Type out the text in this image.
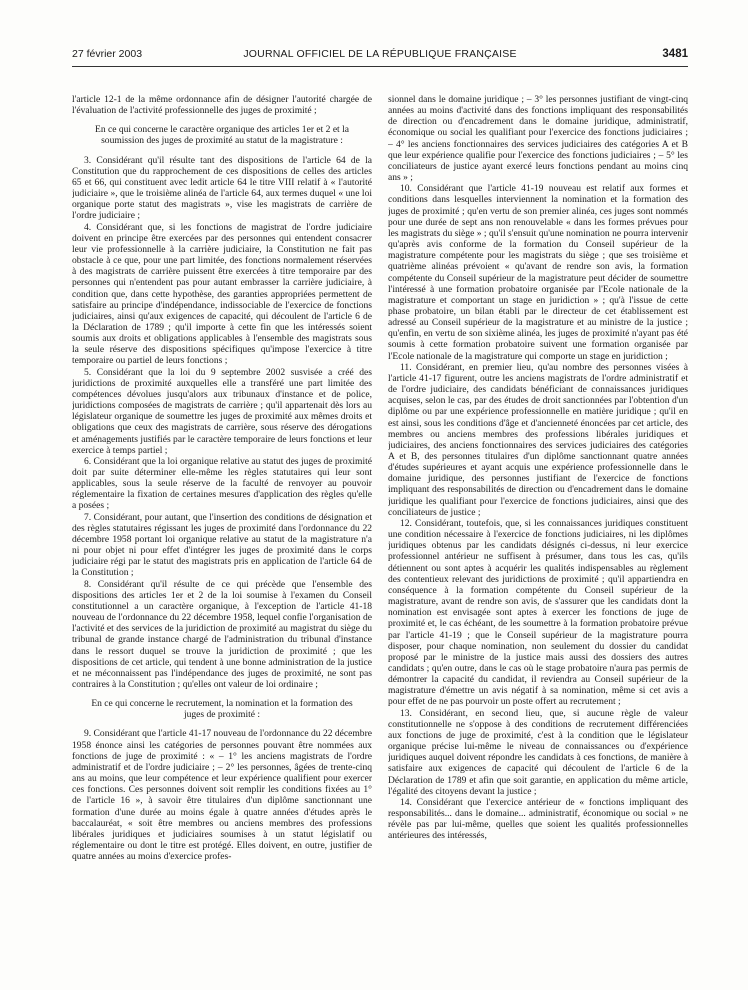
27 février 2003	JOURNAL OFFICIEL DE LA RÉPUBLIQUE FRANÇAISE	3481

l'article 12-1 de la même ordonnance afin de désigner l'autorité chargée de l'évaluation de l'activité professionnelle des juges de proximité ;

En ce qui concerne le caractère organique des articles 1er et 2 et la soumission des juges de proximité au statut de la magistrature :

3. Considérant qu'il résulte tant des dispositions de l'article 64 de la Constitution que du rapprochement de ces dispositions de celles des articles 65 et 66, qui constituent avec ledit article 64 le titre VIII relatif à « l'autorité judiciaire », que le troisième alinéa de l'article 64, aux termes duquel « une loi organique porte statut des magistrats », vise les magistrats de carrière de l'ordre judiciaire ;

4. Considérant que, si les fonctions de magistrat de l'ordre judiciaire doivent en principe être exercées par des personnes qui entendent consacrer leur vie professionnelle à la carrière judiciaire, la Constitution ne fait pas obstacle à ce que, pour une part limitée, des fonctions normalement réservées à des magistrats de carrière puissent être exercées à titre temporaire par des personnes qui n'entendent pas pour autant embrasser la carrière judiciaire, à condition que, dans cette hypothèse, des garanties appropriées permettent de satisfaire au principe d'indépendance, indissociable de l'exercice de fonctions judiciaires, ainsi qu'aux exigences de capacité, qui découlent de l'article 6 de la Déclaration de 1789 ; qu'il importe à cette fin que les intéressés soient soumis aux droits et obligations applicables à l'ensemble des magistrats sous la seule réserve des dispositions spécifiques qu'impose l'exercice à titre temporaire ou partiel de leurs fonctions ;

5. Considérant que la loi du 9 septembre 2002 susvisée a créé des juridictions de proximité auxquelles elle a transféré une part limitée des compétences dévolues jusqu'alors aux tribunaux d'instance et de police, juridictions composées de magistrats de carrière ; qu'il appartenait dès lors au législateur organique de soumettre les juges de proximité aux mêmes droits et obligations que ceux des magistrats de carrière, sous réserve des dérogations et aménagements justifiés par le caractère temporaire de leurs fonctions et leur exercice à temps partiel ;

6. Considérant que la loi organique relative au statut des juges de proximité doit par suite déterminer elle-même les règles statutaires qui leur sont applicables, sous la seule réserve de la faculté de renvoyer au pouvoir réglementaire la fixation de certaines mesures d'application des règles qu'elle a posées ;

7. Considérant, pour autant, que l'insertion des conditions de désignation et des règles statutaires régissant les juges de proximité dans l'ordonnance du 22 décembre 1958 portant loi organique relative au statut de la magistrature n'a ni pour objet ni pour effet d'intégrer les juges de proximité dans le corps judiciaire régi par le statut des magistrats pris en application de l'article 64 de la Constitution ;

8. Considérant qu'il résulte de ce qui précède que l'ensemble des dispositions des articles 1er et 2 de la loi soumise à l'examen du Conseil constitutionnel a un caractère organique, à l'exception de l'article 41-18 nouveau de l'ordonnance du 22 décembre 1958, lequel confie l'organisation de l'activité et des services de la juridiction de proximité au magistrat du siège du tribunal de grande instance chargé de l'administration du tribunal d'instance dans le ressort duquel se trouve la juridiction de proximité ; que les dispositions de cet article, qui tendent à une bonne administration de la justice et ne méconnaissent pas l'indépendance des juges de proximité, ne sont pas contraires à la Constitution ; qu'elles ont valeur de loi ordinaire ;

En ce qui concerne le recrutement, la nomination et la formation des juges de proximité :

9. Considérant que l'article 41-17 nouveau de l'ordonnance du 22 décembre 1958 énonce ainsi les catégories de personnes pouvant être nommées aux fonctions de juge de proximité : « – 1° les anciens magistrats de l'ordre administratif et de l'ordre judiciaire ; – 2° les personnes, âgées de trente-cinq ans au moins, que leur compétence et leur expérience qualifient pour exercer ces fonctions. Ces personnes doivent soit remplir les conditions fixées au 1° de l'article 16 », à savoir être titulaires d'un diplôme sanctionnant une formation d'une durée au moins égale à quatre années d'études après le baccalauréat, « soit être membres ou anciens membres des professions libérales juridiques et judiciaires soumises à un statut législatif ou réglementaire ou dont le titre est protégé. Elles doivent, en outre, justifier de quatre années au moins d'exercice profes-

sionnel dans le domaine juridique ; – 3° les personnes justifiant de vingt-cinq années au moins d'activité dans des fonctions impliquant des responsabilités de direction ou d'encadrement dans le domaine juridique, administratif, économique ou social les qualifiant pour l'exercice des fonctions judiciaires ; – 4° les anciens fonctionnaires des services judiciaires des catégories A et B que leur expérience qualifie pour l'exercice des fonctions judiciaires ; – 5° les conciliateurs de justice ayant exercé leurs fonctions pendant au moins cinq ans » ;

10. Considérant que l'article 41-19 nouveau est relatif aux formes et conditions dans lesquelles interviennent la nomination et la formation des juges de proximité ; qu'en vertu de son premier alinéa, ces juges sont nommés pour une durée de sept ans non renouvelable « dans les formes prévues pour les magistrats du siège » ; qu'il s'ensuit qu'une nomination ne pourra intervenir qu'après avis conforme de la formation du Conseil supérieur de la magistrature compétente pour les magistrats du siège ; que ses troisième et quatrième alinéas prévoient « qu'avant de rendre son avis, la formation compétente du Conseil supérieur de la magistrature peut décider de soumettre l'intéressé à une formation probatoire organisée par l'Ecole nationale de la magistrature et comportant un stage en juridiction » ; qu'à l'issue de cette phase probatoire, un bilan établi par le directeur de cet établissement est adressé au Conseil supérieur de la magistrature et au ministre de la justice ; qu'enfin, en vertu de son sixième alinéa, les juges de proximité n'ayant pas été soumis à cette formation probatoire suivent une formation organisée par l'Ecole nationale de la magistrature qui comporte un stage en juridiction ;

11. Considérant, en premier lieu, qu'au nombre des personnes visées à l'article 41-17 figurent, outre les anciens magistrats de l'ordre administratif et de l'ordre judiciaire, des candidats bénéficiant de connaissances juridiques acquises, selon le cas, par des études de droit sanctionnées par l'obtention d'un diplôme ou par une expérience professionnelle en matière juridique ; qu'il en est ainsi, sous les conditions d'âge et d'ancienneté énoncées par cet article, des membres ou anciens membres des professions libérales juridiques et judiciaires, des anciens fonctionnaires des services judiciaires des catégories A et B, des personnes titulaires d'un diplôme sanctionnant quatre années d'études supérieures et ayant acquis une expérience professionnelle dans le domaine juridique, des personnes justifiant de l'exercice de fonctions impliquant des responsabilités de direction ou d'encadrement dans le domaine juridique les qualifiant pour l'exercice de fonctions judiciaires, ainsi que des conciliateurs de justice ;

12. Considérant, toutefois, que, si les connaissances juridiques constituent une condition nécessaire à l'exercice de fonctions judiciaires, ni les diplômes juridiques obtenus par les candidats désignés ci-dessus, ni leur exercice professionnel antérieur ne suffisent à présumer, dans tous les cas, qu'ils détiennent ou sont aptes à acquérir les qualités indispensables au règlement des contentieux relevant des juridictions de proximité ; qu'il appartiendra en conséquence à la formation compétente du Conseil supérieur de la magistrature, avant de rendre son avis, de s'assurer que les candidats dont la nomination est envisagée sont aptes à exercer les fonctions de juge de proximité et, le cas échéant, de les soumettre à la formation probatoire prévue par l'article 41-19 ; que le Conseil supérieur de la magistrature pourra disposer, pour chaque nomination, non seulement du dossier du candidat proposé par le ministre de la justice mais aussi des dossiers des autres candidats ; qu'en outre, dans le cas où le stage probatoire n'aura pas permis de démontrer la capacité du candidat, il reviendra au Conseil supérieur de la magistrature d'émettre un avis négatif à sa nomination, même si cet avis a pour effet de ne pas pourvoir un poste offert au recrutement ;

13. Considérant, en second lieu, que, si aucune règle de valeur constitutionnelle ne s'oppose à des conditions de recrutement différenciées aux fonctions de juge de proximité, c'est à la condition que le législateur organique précise lui-même le niveau de connaissances ou d'expérience juridiques auquel doivent répondre les candidats à ces fonctions, de manière à satisfaire aux exigences de capacité qui découlent de l'article 6 de la Déclaration de 1789 et afin que soit garantie, en application du même article, l'égalité des citoyens devant la justice ;

14. Considérant que l'exercice antérieur de « fonctions impliquant des responsabilités... dans le domaine... administratif, économique ou social » ne révèle pas par lui-même, quelles que soient les qualités professionnelles antérieures des intéressés,
